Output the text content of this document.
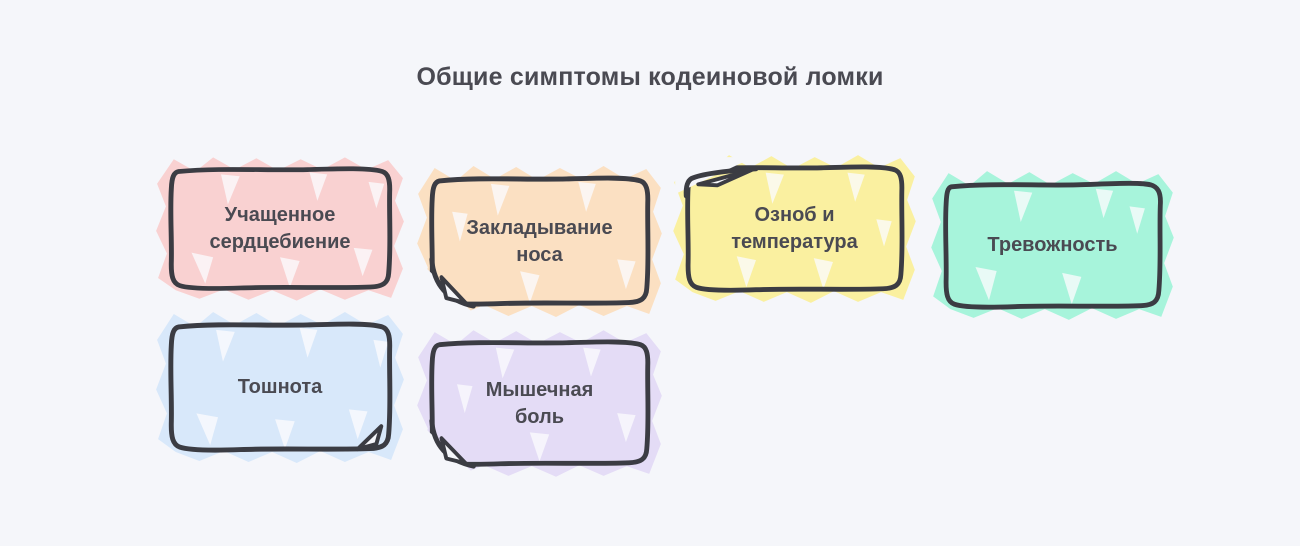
Общие симптомы кодеиновой ломки
Учащенное сердцебиение
Закладывание носа
Озноб и температура	Тревожность
Тошнота	Мышечная боль
